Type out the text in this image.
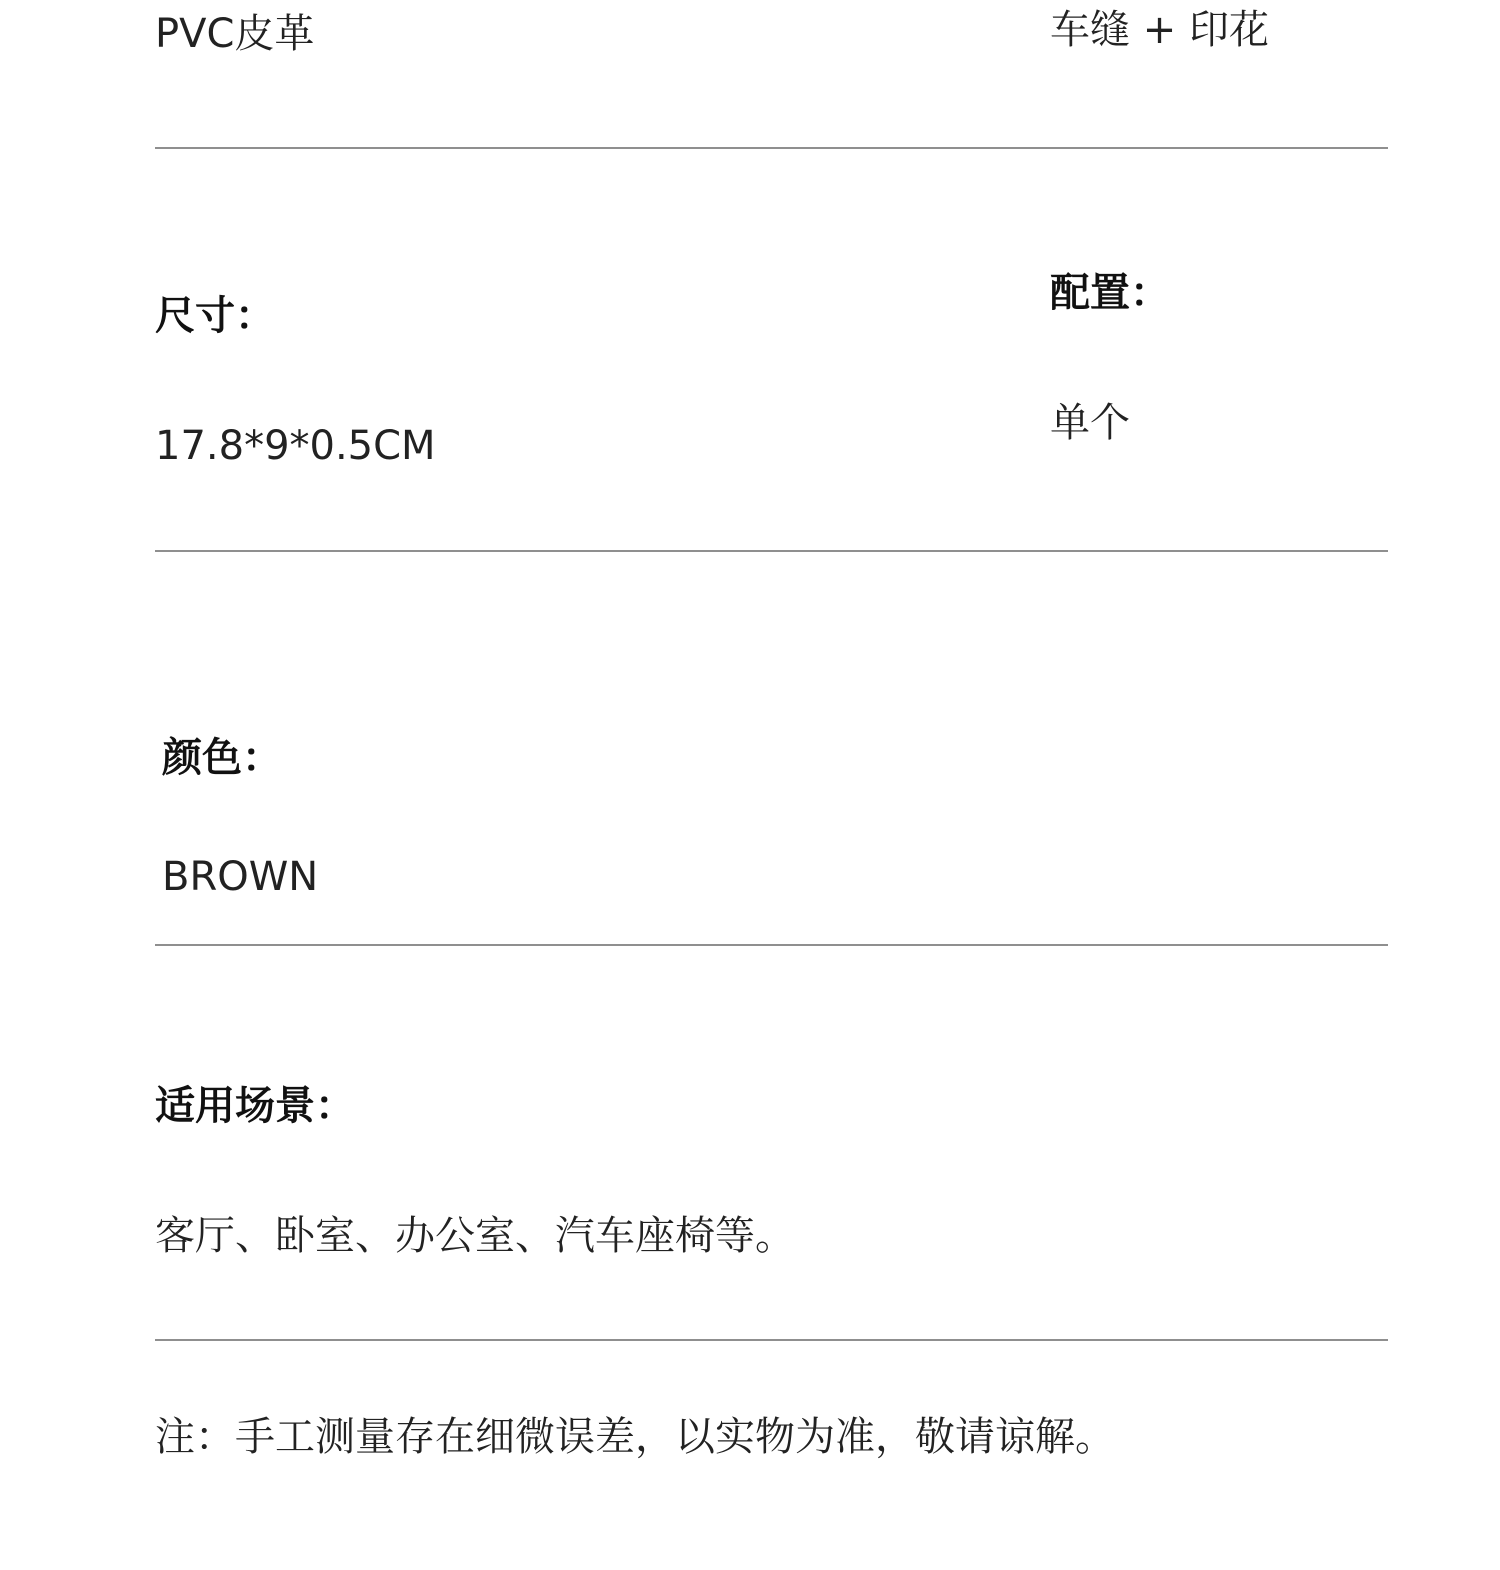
PVC皮革	车缝 + 印花
尺寸：
17.8*9*0.5CM
配置：
单个
颜色：
BROWN
适用场景：
客厅、卧室、办公室、汽车座椅等。
注：手工测量存在细微误差，以实物为准，敬请谅解。
